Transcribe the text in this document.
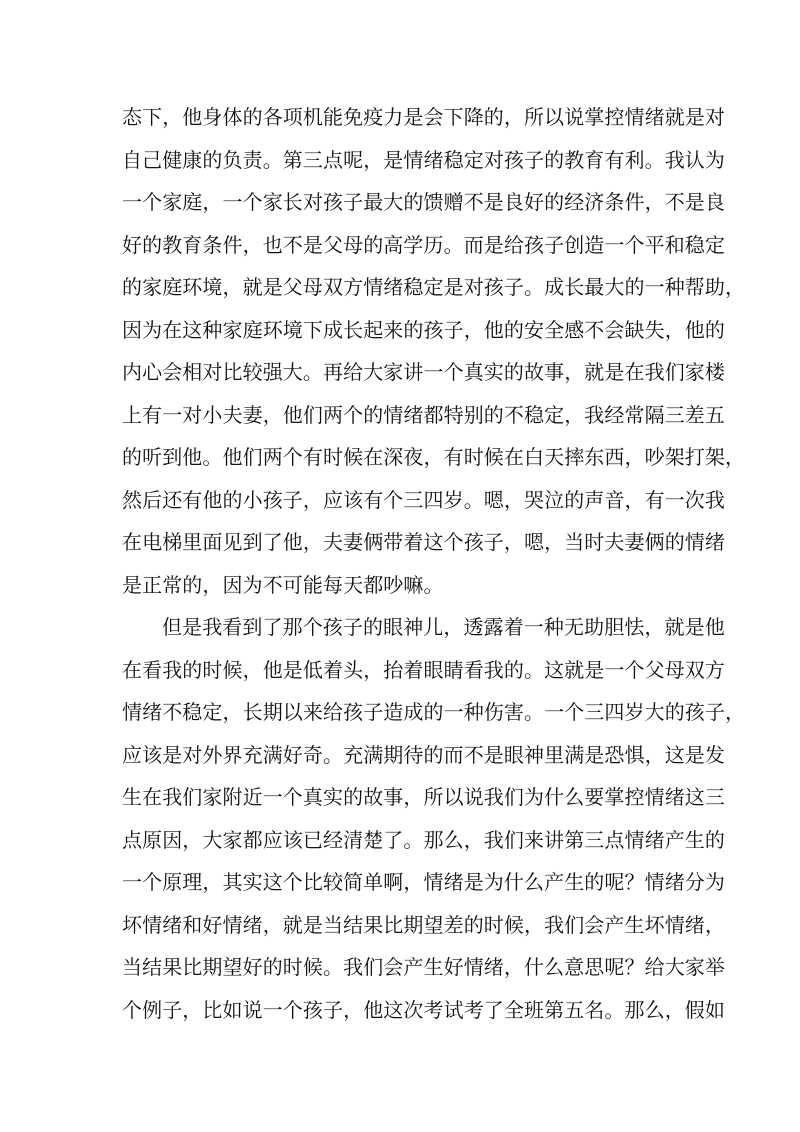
态下，他身体的各项机能免疫力是会下降的，所以说掌控情绪就是对
自己健康的负责。第三点呢，是情绪稳定对孩子的教育有利。我认为
一个家庭，一个家长对孩子最大的馈赠不是良好的经济条件，不是良
好的教育条件，也不是父母的高学历。而是给孩子创造一个平和稳定
的家庭环境，就是父母双方情绪稳定是对孩子。成长最大的一种帮助，
因为在这种家庭环境下成长起来的孩子，他的安全感不会缺失，他的
内心会相对比较强大。再给大家讲一个真实的故事，就是在我们家楼
上有一对小夫妻，他们两个的情绪都特别的不稳定，我经常隔三差五
的听到他。他们两个有时候在深夜，有时候在白天摔东西，吵架打架，
然后还有他的小孩子，应该有个三四岁。嗯，哭泣的声音，有一次我
在电梯里面见到了他，夫妻俩带着这个孩子，嗯，当时夫妻俩的情绪
是正常的，因为不可能每天都吵嘛。
但是我看到了那个孩子的眼神儿，透露着一种无助胆怯，就是他
在看我的时候，他是低着头，抬着眼睛看我的。这就是一个父母双方
情绪不稳定，长期以来给孩子造成的一种伤害。一个三四岁大的孩子，
应该是对外界充满好奇。充满期待的而不是眼神里满是恐惧，这是发
生在我们家附近一个真实的故事，所以说我们为什么要掌控情绪这三
点原因，大家都应该已经清楚了。那么，我们来讲第三点情绪产生的
一个原理，其实这个比较简单啊，情绪是为什么产生的呢？情绪分为
坏情绪和好情绪，就是当结果比期望差的时候，我们会产生坏情绪，
当结果比期望好的时候。我们会产生好情绪，什么意思呢？给大家举
个例子，比如说一个孩子，他这次考试考了全班第五名。那么，假如
